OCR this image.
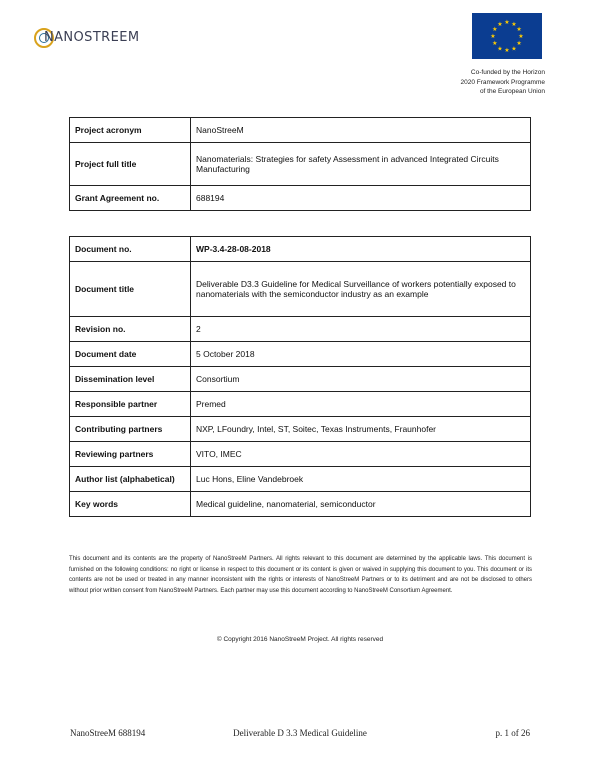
NANOSTREEM
★ ★
★
★
★
★
★
★
★
★
★
★
Co-funded by the Horizon
2020 Framework Programme
of the European Union
Project acronym	NanoStreeM
Project full title	Nanomaterials: Strategies for safety Assessment in advanced Integrated Circuits Manufacturing
Grant Agreement no.	688194
Document no.	WP-3.4-28-08-2018
Document title	Deliverable D3.3 Guideline for Medical Surveillance of workers potentially exposed to nanomaterials with the semiconductor industry as an example
Revision no.	2
Document date	5 October 2018
Dissemination level	Consortium
Responsible partner	Premed
Contributing partners	NXP, LFoundry, Intel, ST, Soitec, Texas Instruments, Fraunhofer
Reviewing partners	VITO, IMEC
Author list (alphabetical)	Luc Hons, Eline Vandebroek
Key words	Medical guideline, nanomaterial, semiconductor
This document and its contents are the property of NanoStreeM Partners. All rights relevant to this document are determined by the applicable laws. This document is furnished on the following conditions: no right or license in respect to this document or its content is given or waived in supplying this document to you. This document or its contents are not be used or treated in any manner inconsistent with the rights or interests of NanoStreeM Partners or to its detriment and are not be disclosed to others without prior written consent from NanoStreeM Partners. Each partner may use this document according to NanoStreeM Consortium Agreement.
© Copyright 2016 NanoStreeM Project. All rights reserved
NanoStreeM 688194	Deliverable D 3.3 Medical Guideline	p. 1 of 26
